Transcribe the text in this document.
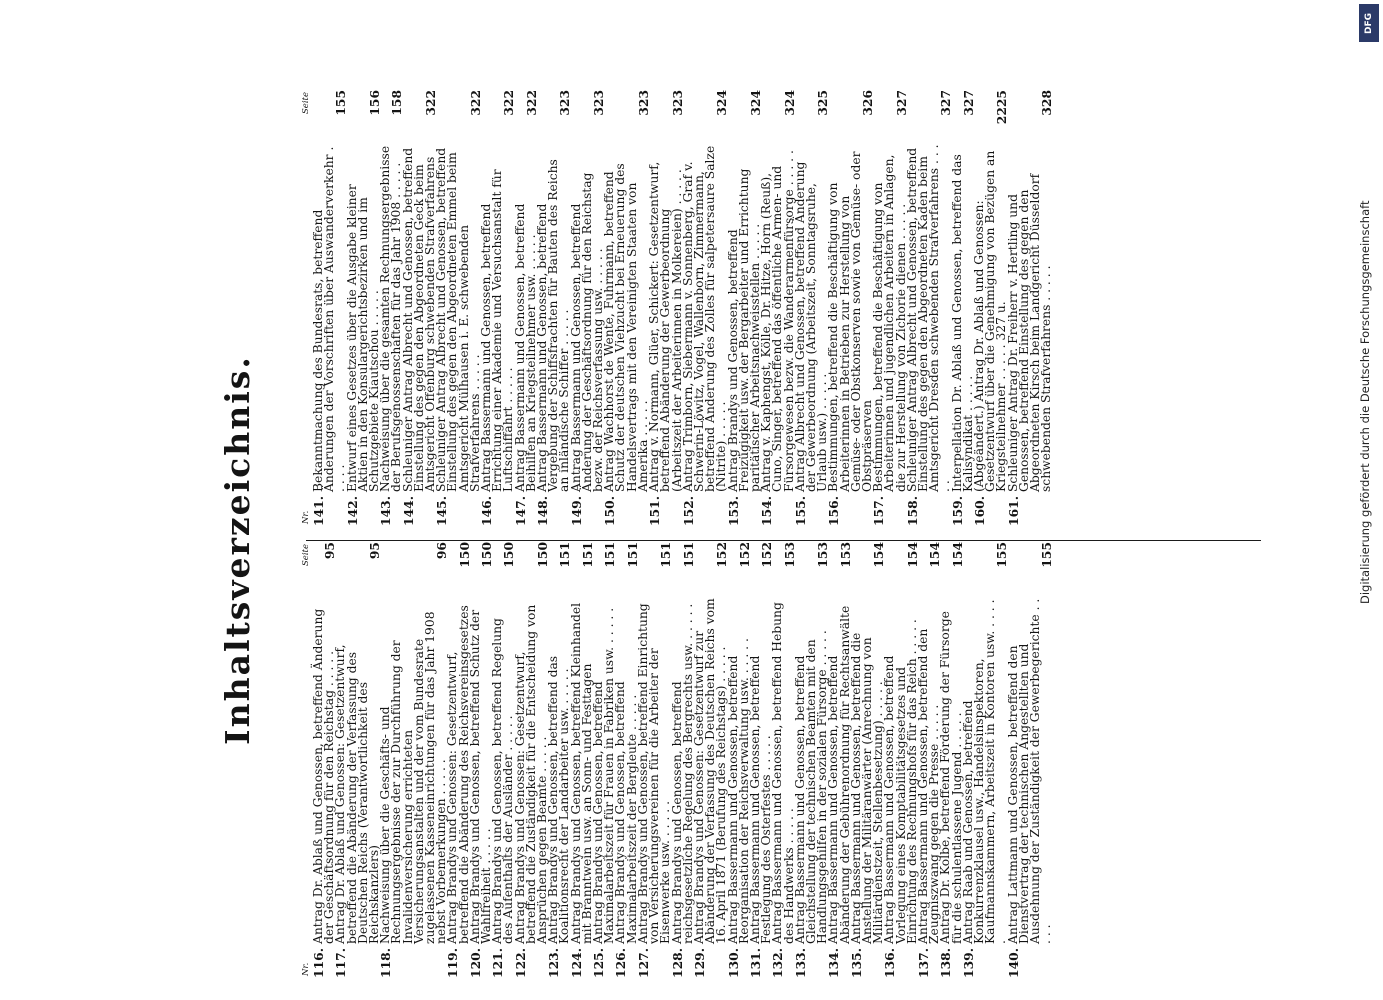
Inhaltsverzeichnis.
Nr.
Seite
116.
Antrag Dr. Ablaß und Genossen, betreffend Änderung der Geschäftsordnung für den Reichstag . . . . .
95
117.
Antrag Dr. Ablaß und Genossen: Gesetzentwurf, betreffend die Abänderung der Verfassung des Deutschen Reichs (Verantwortlichkeit des Reichskanzlers)
95
118.
Nachweisung über die Geschäfts- und Rechnungsergebnisse der zur Durchführung der Invalidenversicherung errichteten Versicherungsanstalten und der vom Bundesrate zugelassenen Kasseneinrichtungen für das Jahr 1908 nebst Vorbemerkungen . . . . .
96
119.
Antrag Brandys und Genossen: Gesetzentwurf, betreffend die Abänderung des Reichsvereinsgesetzes
150
120.
Antrag Brandys und Genossen, betreffend Schutz der Wahlfreiheit . . . . .
150
121.
Antrag Brandys und Genossen, betreffend Regelung des Aufenthalts der Ausländer . . . . .
150
122.
Antrag Brandys und Genossen: Gesetzentwurf, betreffend die Zuständigkeit für die Entscheidung von Ansprüchen gegen Beamte . . . . .
150
123.
Antrag Brandys und Genossen, betreffend das Koalitionsrecht der Landarbeiter usw. . . . . .
151
124.
Antrag Brandys und Genossen, betreffend Kleinhandel mit Branntwein usw. an Sonn- und Festtagen
151
125.
Antrag Brandys und Genossen, betreffend Maximalarbeitszeit für Frauen in Fabriken usw. . . . . .
151
126.
Antrag Brandys und Genossen, betreffend Maximalarbeitszeit der Bergleute . . . . .
151
127.
Antrag Brandys und Genossen, betreffend Einrichtung von Versicherungsvereinen für die Arbeiter der Eisenwerke usw. . . . . .
151
128.
Antrag Brandys und Genossen, betreffend reichsgesetzliche Regelung des Bergrechts usw. . . . . .
151
129.
Antrag Brandys und Genossen: Gesetzentwurf zur Abänderung der Verfassung des Deutschen Reichs vom 16. April 1871 (Berufung des Reichstags) . . . . .
152
130.
Antrag Bassermann und Genossen, betreffend Reorganisation der Reichsverwaltung usw. . . . . .
152
131.
Antrag Bassermann und Genossen, betreffend Festlegung des Osterfestes . . . . .
152
132.
Antrag Bassermann und Genossen, betreffend Hebung des Handwerks . . . . .
153
133.
Antrag Bassermann und Genossen, betreffend Gleichstellung der technischen Beamten mit den Handlungsgehilfen in der sozialen Fürsorge . . . . .
153
134.
Antrag Bassermann und Genossen, betreffend Abänderung der Gebührenordnung für Rechtsanwälte
153
135.
Antrag Bassermann und Genossen, betreffend die Anstellung der Militäranwärter (Anrechnung von Militärdienstzeit, Stellenbesetzung) . . . . .
154
136.
Antrag Bassermann und Genossen, betreffend Vorlegung eines Komptabilitätsgesetzes und Einrichtung des Rechnungshofs für das Reich . . . . .
154
137.
Antrag Bassermann und Genossen, betreffend den Zeugniszwang gegen die Presse . . . . .
154
138.
Antrag Dr. Kolbe, betreffend Förderung der Fürsorge für die schulentlassene Jugend . . . . .
154
139.
Antrag Raab und Genossen, betreffend Konkurrenzklausel usw., Handelsinspektoren, Kaufmannskammern, Arbeitszeit in Kontoren usw. . . . . .
155
140.
Antrag Lattmann und Genossen, betreffend den Dienstvertrag der technischen Angestellten und Ausdehnung der Zuständigkeit der Gewerbegerichte . . . . .
155
Nr.
Seite
141.
Bekanntmachung des Bundesrats, betreffend Änderungen der Vorschriften über Auswanderverkehr . . . . .
155
142.
Entwurf eines Gesetzes über die Ausgabe kleiner Aktien in den Konsulargerichtsbezirken und im Schutzgebiete Kiautschou . . . . .
156
143.
Nachweisung über die gesamten Rechnungsergebnisse der Berufsgenossenschaften für das Jahr 1908 . . . . .
158
144.
Schleuniger Antrag Albrecht und Genossen, betreffend Einstellung des gegen den Abgeordneten Geck beim Amtsgericht Offenburg schwebenden Strafverfahrens
322
145.
Schleuniger Antrag Albrecht und Genossen, betreffend Einstellung des gegen den Abgeordneten Emmel beim Amtsgericht Mülhausen i. E. schwebenden Strafverfahrens . . . . .
322
146.
Antrag Bassermann und Genossen, betreffend Errichtung einer Akademie und Versuchsanstalt für Luftschiffahrt . . . . .
322
147.
Antrag Bassermann und Genossen, betreffend Beihilfen an Kriegsteilnehmer usw. . . . . .
322
148.
Antrag Bassermann und Genossen, betreffend Vergebung der Schiffsfrachten für Bauten des Reichs an inländische Schiffer . . . . .
323
149.
Antrag Bassermann und Genossen, betreffend Änderung der Geschäftsordnung für den Reichstag bezw. der Reichsverfassung usw. . . . . .
323
150.
Antrag Wachhorst de Wente, Fuhrmann, betreffend Schutz der deutschen Viehzucht bei Erneuerung des Handelsvertrags mit den Vereinigten Staaten von Amerika . . . . .
323
151.
Antrag v. Normann, Glüer, Schickert: Gesetzentwurf, betreffend Abänderung der Gewerbeordnung (Arbeitszeit der Arbeiterinnen in Molkereien) . . . . .
323
152.
Antrag Trimborn, Siebermann v. Sonnenberg, Graf v. Schwerin-Löwitz, Vogel, Wallenborn, Zimmermann, betreffend Änderung des Zolles für salpetersaure Salze (Nitrite) . . . . .
324
153.
Antrag Brandys und Genossen, betreffend Freizügigkeit usw. der Bergarbeiter und Errichtung paritätischer Arbeitsnachweisstellen . . . . .
324
154.
Antrag v. Kaphengst, Kölle, Dr. Hitze, Horn (Reuß), Cuno, Singer, betreffend das öffentliche Armen- und Fürsorgewesen bezw. die Wanderarmenfürsorge . . . . .
324
155.
Antrag Albrecht und Genossen, betreffend Änderung der Gewerbeordnung (Arbeitszeit, Sonntagsruhe, Urlaub usw.) . . . . .
325
156.
Bestimmungen, betreffend die Beschäftigung von Arbeiterinnen in Betrieben zur Herstellung von Gemüse- oder Obstkonserven sowie von Gemüse- oder Obstpräserven
326
157.
Bestimmungen, betreffend die Beschäftigung von Arbeiterinnen und jugendlichen Arbeitern in Anlagen, die zur Herstellung von Zichorie dienen . . . . .
327
158.
Schleuniger Antrag Albrecht und Genossen, betreffend Einstellung des gegen den Abgeordneten Kaden beim Amtsgericht Dresden schwebenden Strafverfahrens . . . . .
327
159.
Interpellation Dr. Ablaß und Genossen, betreffend das Kalisyndikat . . . . .
327
160.
(Abgeändert.) Antrag Dr. Ablaß und Genossen: Gesetzentwurf über die Genehmigung von Bezügen an Kriegsteilnehmer . . . . . 327 u.
2225
161.
Schleuniger Antrag Dr. Freiherr v. Hertling und Genossen, betreffend Einstellung des gegen den Abgeordneten Kirsch beim Landgericht Düsseldorf schwebenden Strafverfahrens . . . . .
328
DFG
Digitalisierung gefördert durch die Deutsche Forschungsgemeinschaft
